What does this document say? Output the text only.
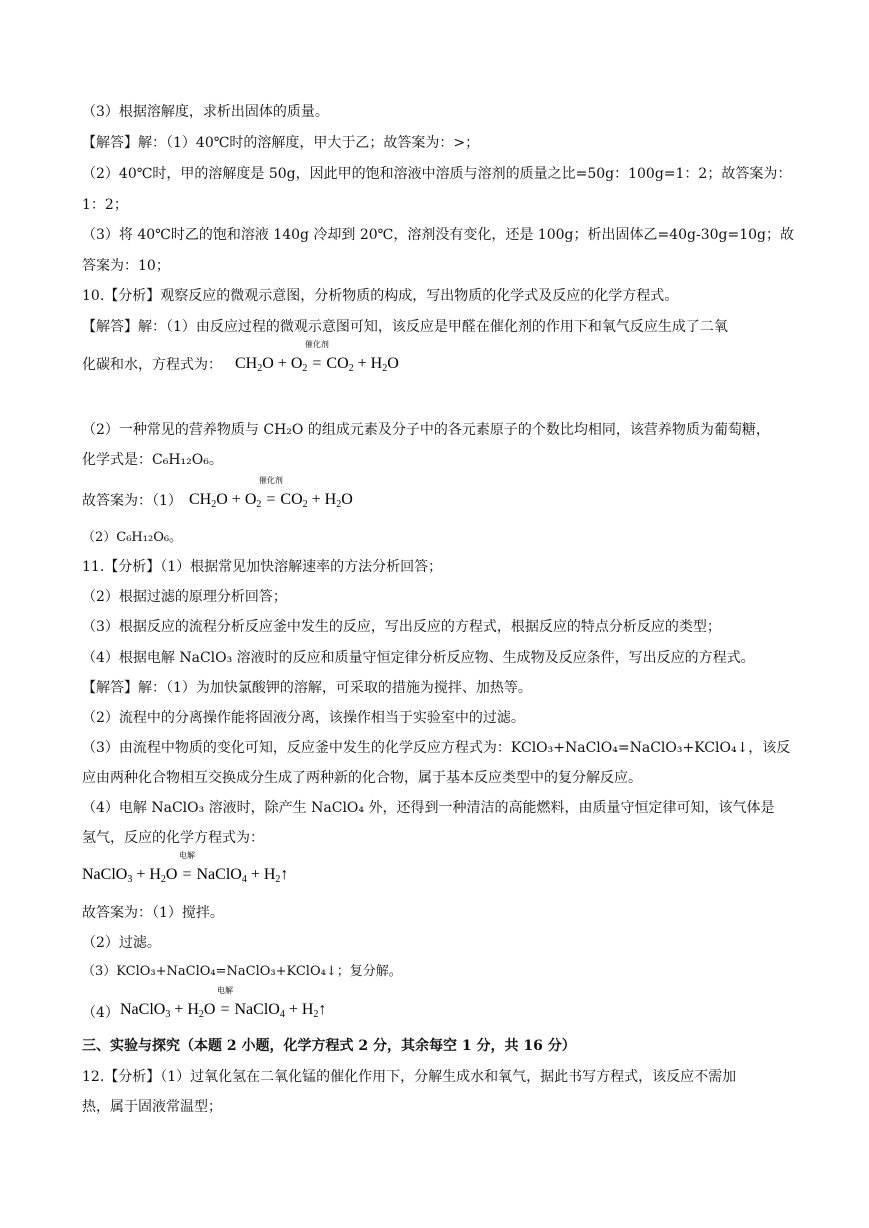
（3）根据溶解度，求析出固体的质量。
【解答】解：（1）40℃时的溶解度，甲大于乙；故答案为：>；
（2）40℃时，甲的溶解度是 50g，因此甲的饱和溶液中溶质与溶剂的质量之比=50g：100g=1：2；故答案为：
1：2；
（3）将 40℃时乙的饱和溶液 140g 冷却到 20℃，溶剂没有变化，还是 100g；析出固体乙=40g-30g=10g；故
答案为：10；
10.【分析】观察反应的微观示意图，分析物质的构成，写出物质的化学式及反应的化学方程式。
【解答】解：（1）由反应过程的微观示意图可知，该反应是甲醛在催化剂的作用下和氧气反应生成了二氧
化碳和水，方程式为： $CH_2O + O_2$
催化剂
= $CO_2 + H_2O$
（2）一种常见的营养物质与 CH₂O 的组成元素及分子中的各元素原子的个数比均相同，该营养物质为葡萄糖，
化学式是：C₆H₁₂O₆。
故答案为：（1） $CH_2O + O_2$
催化剂
= $CO_2 + H_2O$
（2）C₆H₁₂O₆。
11.【分析】（1）根据常见加快溶解速率的方法分析回答；
（2）根据过滤的原理分析回答；
（3）根据反应的流程分析反应釜中发生的反应，写出反应的方程式，根据反应的特点分析反应的类型；
（4）根据电解 NaClO₃ 溶液时的反应和质量守恒定律分析反应物、生成物及反应条件，写出反应的方程式。
【解答】解：（1）为加快氯酸钾的溶解，可采取的措施为搅拌、加热等。
（2）流程中的分离操作能将固液分离，该操作相当于实验室中的过滤。
（3）由流程中物质的变化可知，反应釜中发生的化学反应方程式为：KClO₃+NaClO₄=NaClO₃+KClO₄↓，该反
应由两种化合物相互交换成分生成了两种新的化合物，属于基本反应类型中的复分解反应。
（4）电解 NaClO₃ 溶液时，除产生 NaClO₄ 外，还得到一种清洁的高能燃料，由质量守恒定律可知，该气体是
氢气，反应的化学方程式为：
NaClO$_3$ + $H_2O$
电解
= NaClO$_4$ + $H_2↑$
故答案为：（1）搅拌。
（2）过滤。
（3）KClO₃+NaClO₄=NaClO₃+KClO₄↓；复分解。
（4） NaClO$_3$ + $H_2O$
电解
= NaClO$_4$ + $H_2↑$
三、实验与探究（本题 2 小题，化学方程式 2 分，其余每空 1 分，共 16 分）
12.【分析】（1）过氧化氢在二氧化锰的催化作用下，分解生成水和氧气，据此书写方程式，该反应不需加
热，属于固液常温型；
